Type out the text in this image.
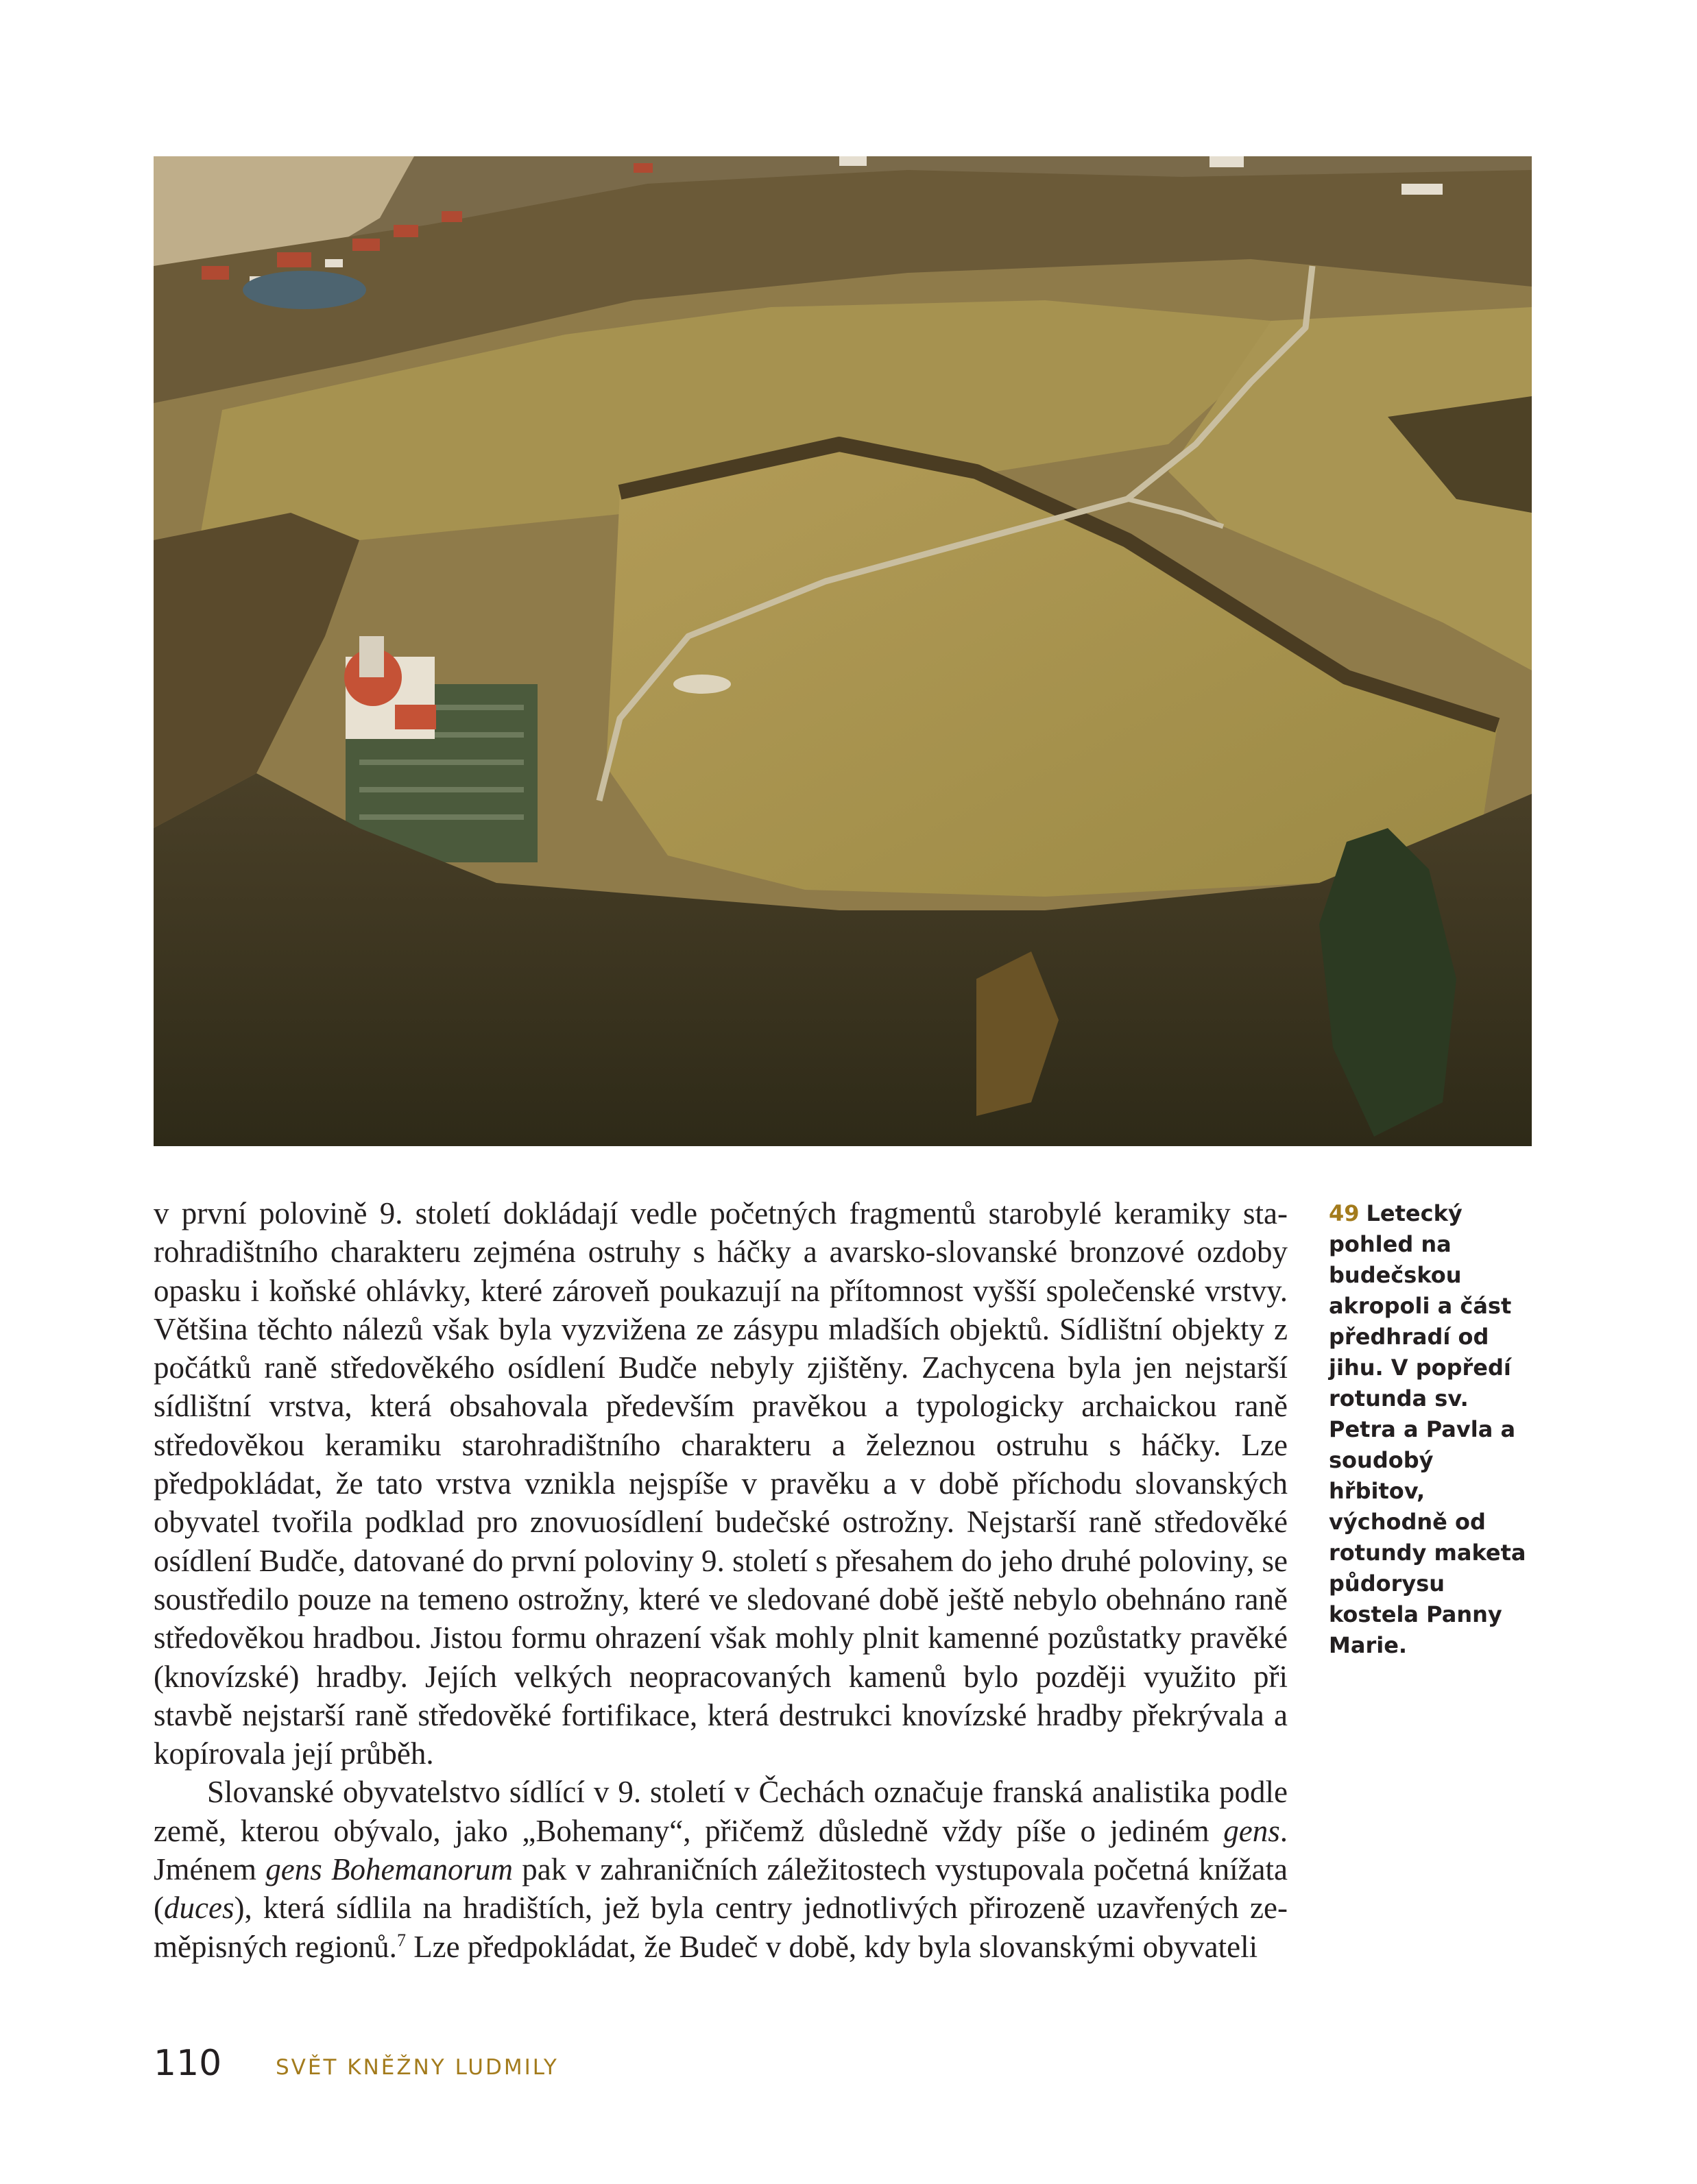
v první polovině 9. století dokládají vedle početných fragmentů starobylé keramiky starohradištního charakteru zejména ostruhy s háčky a avarsko-slovanské bronzové ozdoby opasku i koňské ohlávky, které zároveň poukazují na přítomnost vyšší společenské vrstvy. Většina těchto nálezů však byla vyzvižena ze zásypu mladších objektů. Sídlištní objekty z počátků raně středověkého osídlení Budče nebyly zjištěny. Zachycena byla jen nejstarší sídlištní vrstva, která obsahovala především pravěkou a typologicky archaickou raně středověkou keramiku starohradištního charakteru a železnou ostruhu s háčky. Lze předpokládat, že tato vrstva vznikla nejspíše v pravěku a v době příchodu slovanských obyvatel tvořila podklad pro znovuosídlení budečské ostrožny. Nejstarší raně středověké osídlení Budče, datované do první poloviny 9. století s přesahem do jeho druhé poloviny, se soustředilo pouze na temeno ostrožny, které ve sledované době ještě nebylo obehnáno raně středověkou hradbou. Jistou formu ohrazení však mohly plnit kamenné pozůstatky pravěké (knovízské) hradby. Jejích velkých neopracovaných kamenů bylo později využito při stavbě nejstarší raně středověké fortifikace, která destrukci knovízské hradby překrývala a kopírovala její průběh.

Slovanské obyvatelstvo sídlící v 9. století v Čechách označuje franská analistika podle země, kterou obývalo, jako „Bohemany“, přičemž důsledně vždy píše o jediném gens. Jménem gens Bohemanorum pak v zahraničních záležitostech vystupovala početná knížata (duces), která sídlila na hradištích, jež byla centry jednotlivých přirozeně uzavřených zeměpisných regionů.$^7$ Lze předpokládat, že Budeč v době, kdy byla slovanskými obyvateli

49 Letecký pohled na budečskou akropoli a část předhradí od jihu. V popředí rotunda sv. Petra a Pavla a soudobý hřbitov, východně od rotundy maketa půdorysu kostela Panny Marie.
110	SVĚT KNĚŽNY LUDMILY
